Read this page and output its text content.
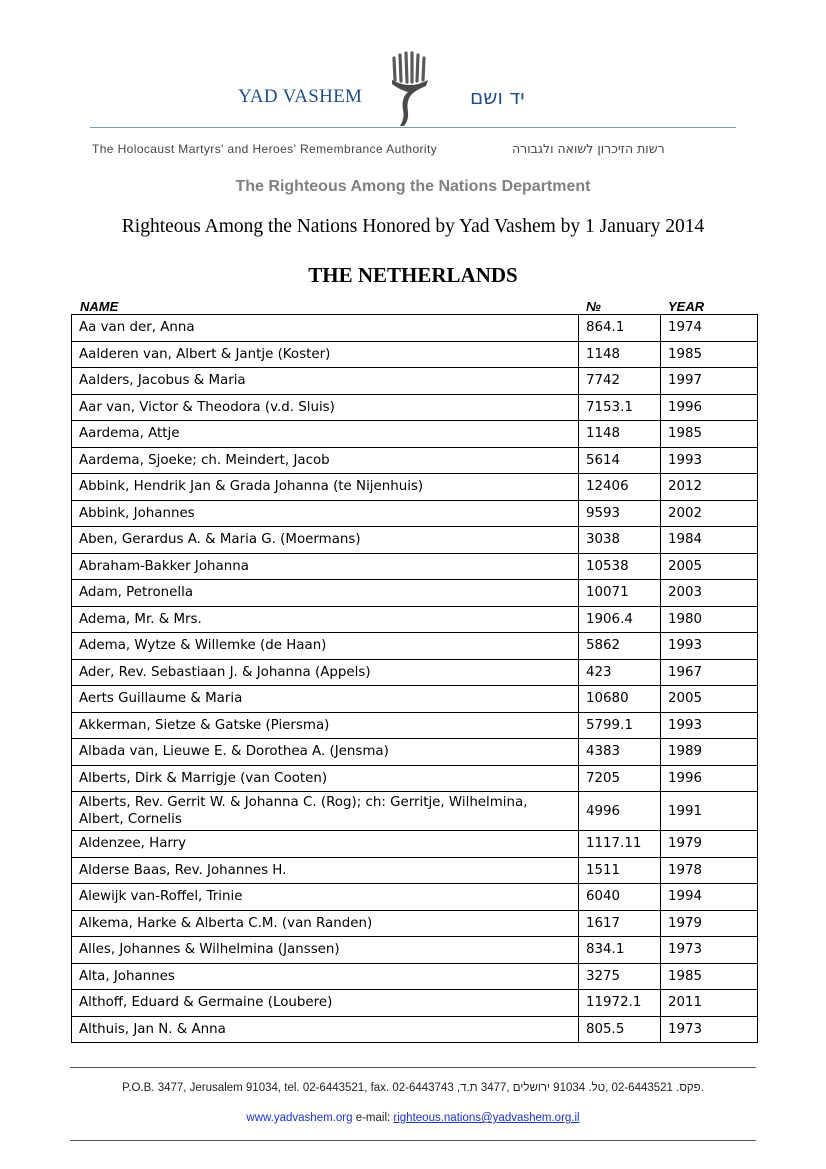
YAD VASHEM	יד ושם
The Holocaust Martyrs' and Heroes' Remembrance Authority	רשות הזיכרון לשואה ולגבורה
The Righteous Among the Nations Department
Righteous Among the Nations Honored by Yad Vashem by 1 January 2014
THE NETHERLANDS
NAME	№	YEAR
Aa van der, Anna	864.1	1974
Aalderen van, Albert & Jantje (Koster)	1148	1985
Aalders, Jacobus & Maria	7742	1997
Aar van, Victor & Theodora (v.d. Sluis)	7153.1	1996
Aardema, Attje	1148	1985
Aardema, Sjoeke; ch. Meindert, Jacob	5614	1993
Abbink, Hendrik Jan & Grada Johanna (te Nijenhuis)	12406	2012
Abbink, Johannes	9593	2002
Aben, Gerardus A. & Maria G. (Moermans)	3038	1984
Abraham-Bakker Johanna	10538	2005
Adam, Petronella	10071	2003
Adema, Mr. & Mrs.	1906.4	1980
Adema, Wytze & Willemke (de Haan)	5862	1993
Ader, Rev. Sebastiaan J. & Johanna (Appels)	423	1967
Aerts Guillaume & Maria	10680	2005
Akkerman, Sietze & Gatske (Piersma)	5799.1	1993
Albada van, Lieuwe E. & Dorothea A. (Jensma)	4383	1989
Alberts, Dirk & Marrigje (van Cooten)	7205	1996
Alberts, Rev. Gerrit W. & Johanna C. (Rog); ch: Gerritje, Wilhelmina, Albert, Cornelis	4996	1991
Aldenzee, Harry	1117.11	1979
Alderse Baas, Rev. Johannes H.	1511	1978
Alewijk van-Roffel, Trinie	6040	1994
Alkema, Harke & Alberta C.M. (van Randen)	1617	1979
Alles, Johannes & Wilhelmina (Janssen)	834.1	1973
Alta, Johannes	3275	1985
Althoff, Eduard & Germaine (Loubere)	11972.1	2011
Althuis, Jan N. & Anna	805.5	1973
P.O.B. 3477, Jerusalem 91034, tel. 02-6443521, fax. 02-6443743 ,פקס. 02-6443521 ,טל. 91034 ירושלים ,3477 ת.ד.
www.yadvashem.org e-mail: righteous.nations@yadvashem.org.il
